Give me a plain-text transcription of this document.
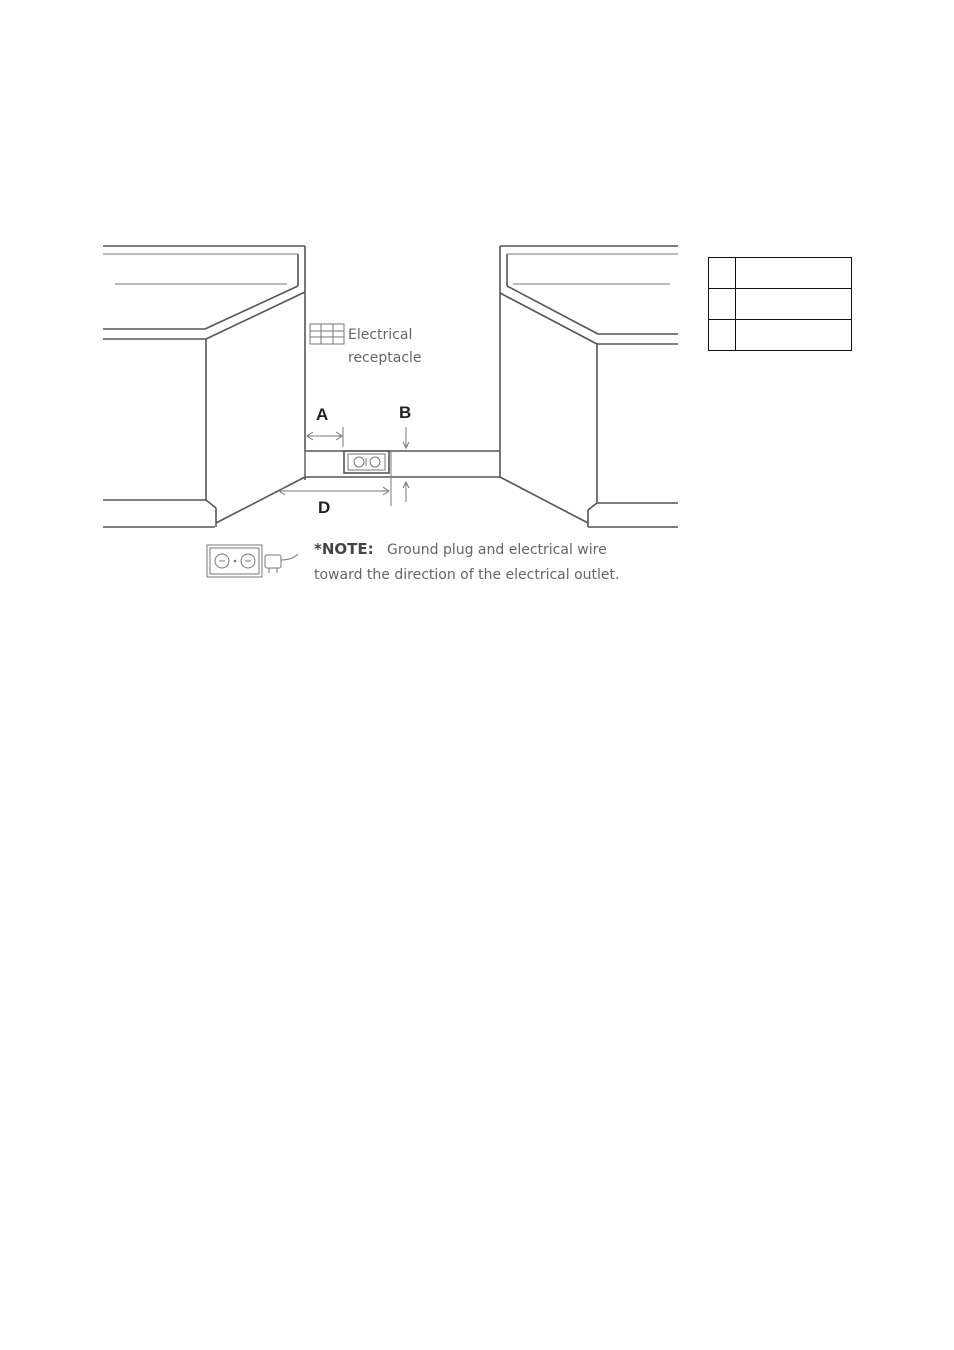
Electrical
receptacle
A	B
D
*NOTE: Ground plug and electrical wire
toward the direction of the electrical outlet.
